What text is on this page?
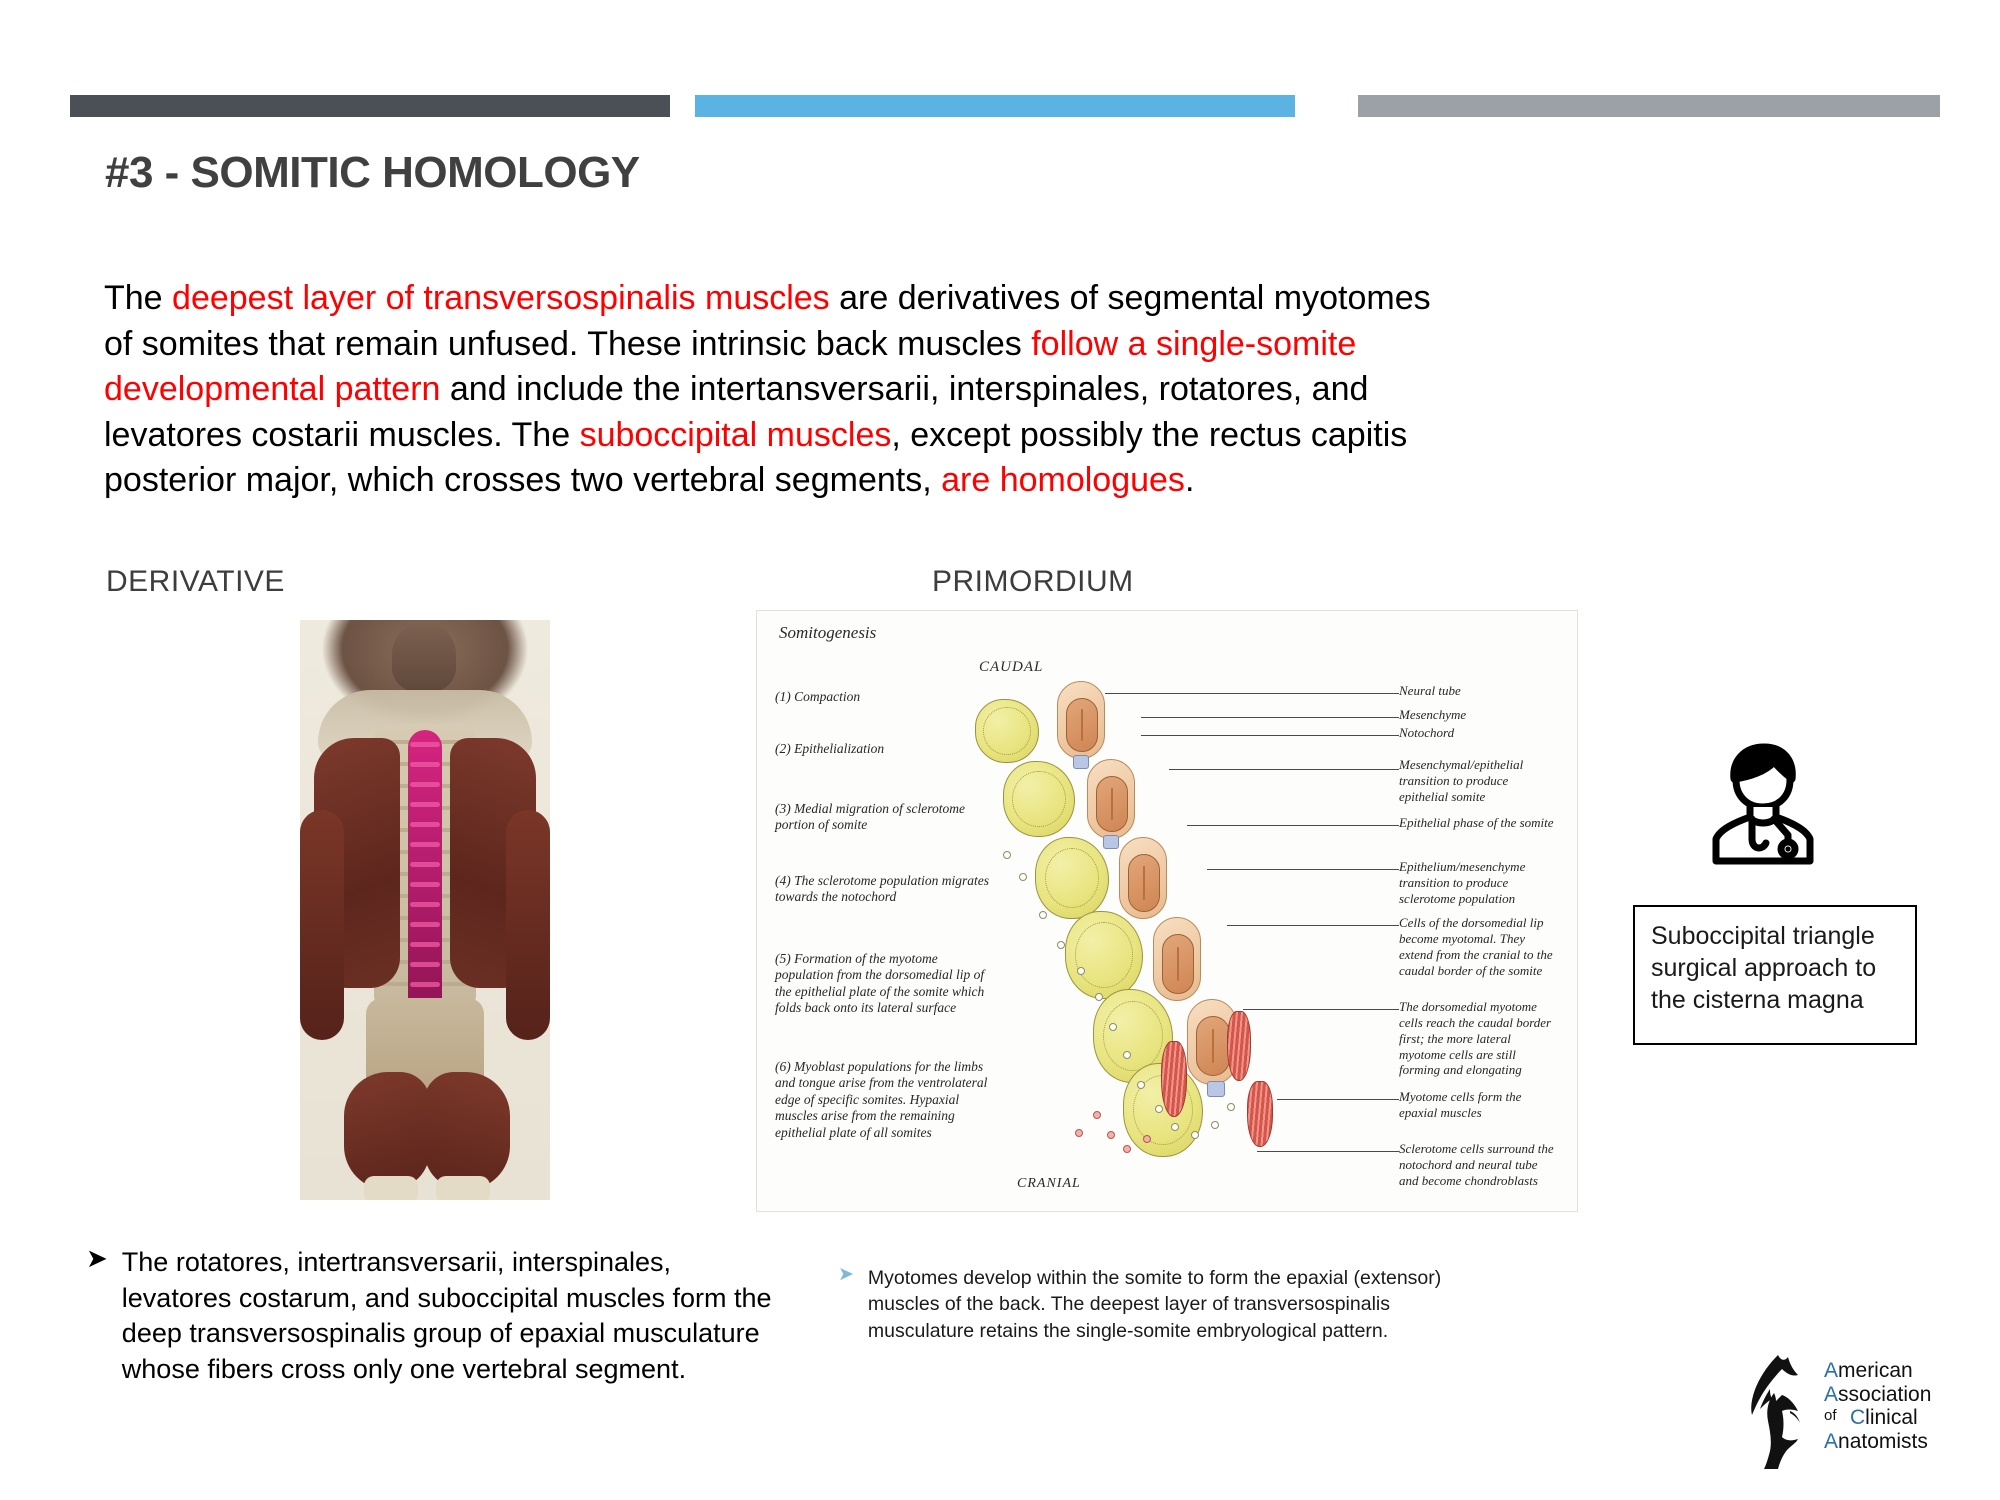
#3 - SOMITIC HOMOLOGY
The deepest layer of transversospinalis muscles are derivatives of segmental myotomes of somites that remain unfused. These intrinsic back muscles follow a single-somite developmental pattern and include the intertansversarii, interspinales, rotatores, and levatores costarii muscles. The suboccipital muscles, except possibly the rectus capitis posterior major, which crosses two vertebral segments, are homologues.
DERIVATIVE	PRIMORDIUM
Somitogenesis
CAUDAL
CRANIAL
(1) Compaction
(2) Epithelialization
(3) Medial migration of sclerotome portion of somite
(4) The sclerotome population migrates towards the notochord
(5) Formation of the myotome population from the dorsomedial lip of the epithelial plate of the somite which folds back onto its lateral surface
(6) Myoblast populations for the limbs and tongue arise from the ventrolateral edge of specific somites. Hypaxial muscles arise from the remaining epithelial plate of all somites
Neural tube
Mesenchyme
Notochord
Mesenchymal/epithelial transition to produce epithelial somite
Epithelial phase of the somite
Epithelium/mesenchyme transition to produce sclerotome population
Cells of the dorsomedial lip become myotomal. They extend from the cranial to the caudal border of the somite
The dorsomedial myotome cells reach the caudal border first; the more lateral myotome cells are still forming and elongating
Myotome cells form the epaxial muscles
Sclerotome cells surround the notochord and neural tube and become chondroblasts
Suboccipital triangle surgical approach to the cisterna magna
➤ The rotatores, intertransversarii, interspinales, levatores costarum, and suboccipital muscles form the deep transversospinalis group of epaxial musculature whose fibers cross only one vertebral segment.
➤ Myotomes develop within the somite to form the epaxial (extensor) muscles of the back. The deepest layer of transversospinalis musculature retains the single-somite embryological pattern.
American
Association
Clinical
Anatomists
of
